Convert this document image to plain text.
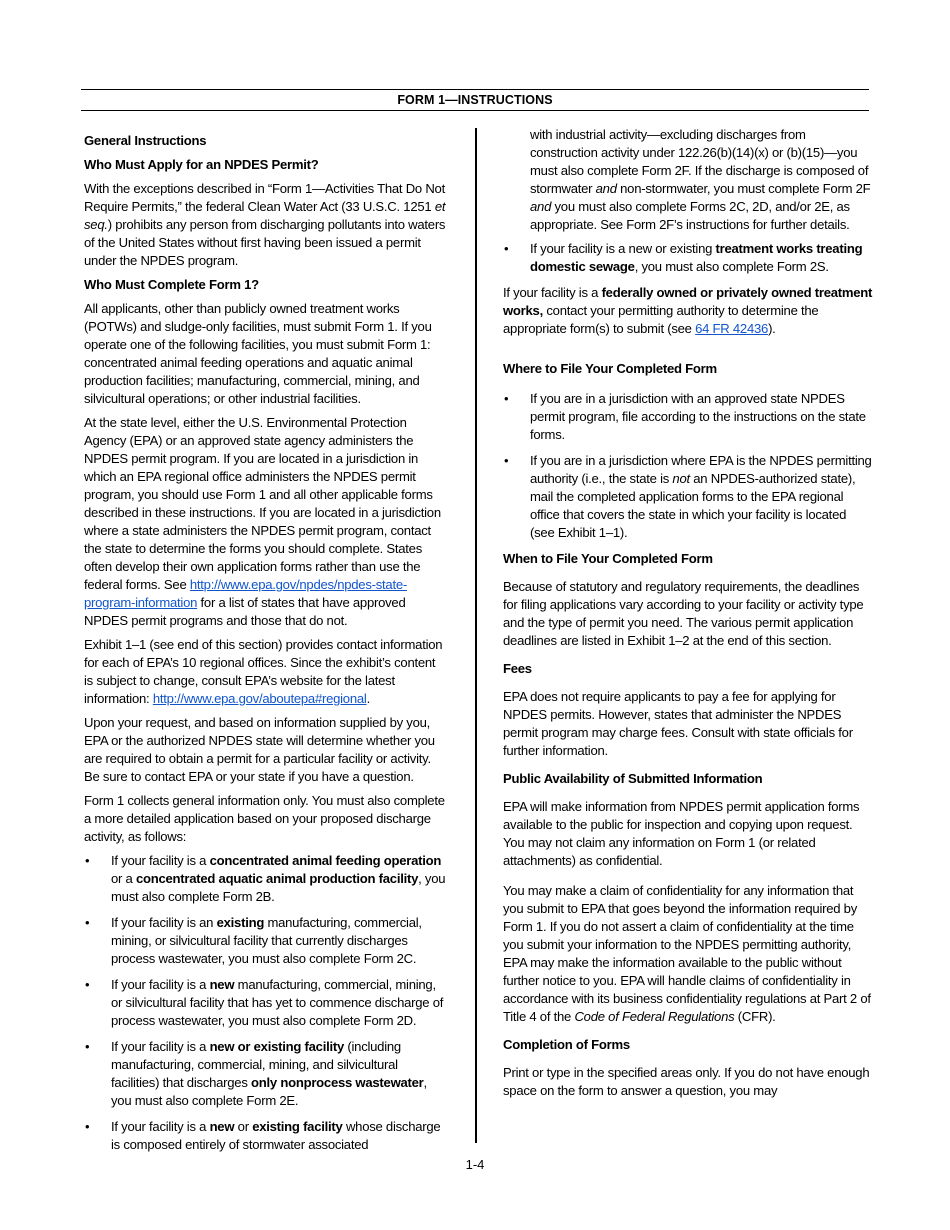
FORM 1—INSTRUCTIONS
General Instructions
Who Must Apply for an NPDES Permit?

With the exceptions described in “Form 1—Activities That Do Not Require Permits,” the federal Clean Water Act (33 U.S.C. 1251 et seq.) prohibits any person from discharging pollutants into waters of the United States without first having been issued a permit under the NPDES program.

Who Must Complete Form 1?

All applicants, other than publicly owned treatment works (POTWs) and sludge-only facilities, must submit Form 1. If you operate one of the following facilities, you must submit Form 1: concentrated animal feeding operations and aquatic animal production facilities; manufacturing, commercial, mining, and silvicultural operations; or other industrial facilities.

At the state level, either the U.S. Environmental Protection Agency (EPA) or an approved state agency administers the NPDES permit program. If you are located in a jurisdiction in which an EPA regional office administers the NPDES permit program, you should use Form 1 and all other applicable forms described in these instructions. If you are located in a jurisdiction where a state administers the NPDES permit program, contact the state to determine the forms you should complete. States often develop their own application forms rather than use the federal forms. See http://www.epa.gov/npdes/npdes-state-program-information for a list of states that have approved NPDES permit programs and those that do not.

Exhibit 1–1 (see end of this section) provides contact information for each of EPA’s 10 regional offices. Since the exhibit’s content is subject to change, consult EPA’s website for the latest information: http://www.epa.gov/aboutepa#regional.

Upon your request, and based on information supplied by you, EPA or the authorized NPDES state will determine whether you are required to obtain a permit for a particular facility or activity. Be sure to contact EPA or your state if you have a question.

Form 1 collects general information only. You must also complete a more detailed application based on your proposed discharge activity, as follows:

• If your facility is a concentrated animal feeding operation or a concentrated aquatic animal production facility, you must also complete Form 2B.
• If your facility is an existing manufacturing, commercial, mining, or silvicultural facility that currently discharges process wastewater, you must also complete Form 2C.
• If your facility is a new manufacturing, commercial, mining, or silvicultural facility that has yet to commence discharge of process wastewater, you must also complete Form 2D.
• If your facility is a new or existing facility (including manufacturing, commercial, mining, and silvicultural facilities) that discharges only nonprocess wastewater, you must also complete Form 2E.
• If your facility is a new or existing facility whose discharge is composed entirely of stormwater associated

with industrial activity—excluding discharges from construction activity under 122.26(b)(14)(x) or (b)(15)—you must also complete Form 2F. If the discharge is composed of stormwater and non-stormwater, you must complete Form 2F and you must also complete Forms 2C, 2D, and/or 2E, as appropriate. See Form 2F’s instructions for further details.

• If your facility is a new or existing treatment works treating domestic sewage, you must also complete Form 2S.

If your facility is a federally owned or privately owned treatment works, contact your permitting authority to determine the appropriate form(s) to submit (see 64 FR 42436).

Where to File Your Completed Form
• If you are in a jurisdiction with an approved state NPDES permit program, file according to the instructions on the state forms.
• If you are in a jurisdiction where EPA is the NPDES permitting authority (i.e., the state is not an NPDES-authorized state), mail the completed application forms to the EPA regional office that covers the state in which your facility is located (see Exhibit 1–1).
When to File Your Completed Form

Because of statutory and regulatory requirements, the deadlines for filing applications vary according to your facility or activity type and the type of permit you need. The various permit application deadlines are listed in Exhibit 1–2 at the end of this section.

Fees

EPA does not require applicants to pay a fee for applying for NPDES permits. However, states that administer the NPDES permit program may charge fees. Consult with state officials for further information.

Public Availability of Submitted Information

EPA will make information from NPDES permit application forms available to the public for inspection and copying upon request. You may not claim any information on Form 1 (or related attachments) as confidential.

You may make a claim of confidentiality for any information that you submit to EPA that goes beyond the information required by Form 1. If you do not assert a claim of confidentiality at the time you submit your information to the NPDES permitting authority, EPA may make the information available to the public without further notice to you. EPA will handle claims of confidentiality in accordance with its business confidentiality regulations at Part 2 of Title 4 of the Code of Federal Regulations (CFR).

Completion of Forms

Print or type in the specified areas only. If you do not have enough space on the form to answer a question, you may

1-4
